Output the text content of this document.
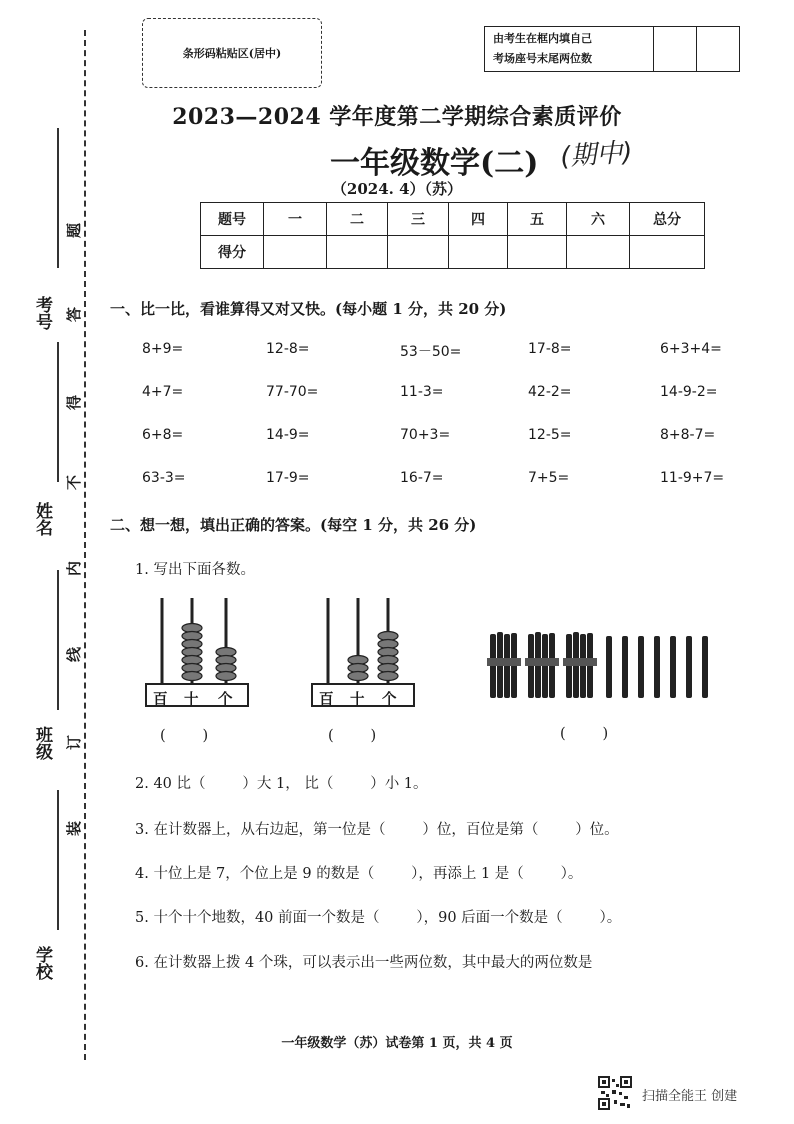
条形码粘贴区(居中)
由考生在框内填自己
考场座号末尾两位数
2023—2024 学年度第二学期综合素质评价
一年级数学(二) (期中)
（2024. 4）（苏）
题号	一	二	三	四	五	六	总分
得分							
考号
姓名
班级
学校
题
答
得
不
内
线
订
装
一、比一比，看谁算得又对又快。(每小题 1 分，共 20 分)
8+9=	12-8=	53－50=	17-8=	6+3+4=
4+7=	77-70=	11-3=	42-2=	14-9-2=
6+8=	14-9=	70+3=	12-5=	8+8-7=
63-3=	17-9=	16-7=	7+5=	11-9+7=
二、想一想，填出正确的答案。(每空 1 分，共 26 分)
1. 写出下面各数。
百 十 个
(        )
百 十 个
(        )	(        )
2. 40 比（        ）大 1， 比（        ）小 1。
3. 在计数器上，从右边起，第一位是（        ）位，百位是第（        ）位。
4. 十位上是 7，个位上是 9 的数是（        ），再添上 1 是（        ）。
5. 十个十个地数，40 前面一个数是（        ），90 后面一个数是（        ）。
6. 在计数器上拨 4 个珠，可以表示出一些两位数，其中最大的两位数是
一年级数学（苏）试卷第 1 页，共 4 页
扫描全能王 创建
